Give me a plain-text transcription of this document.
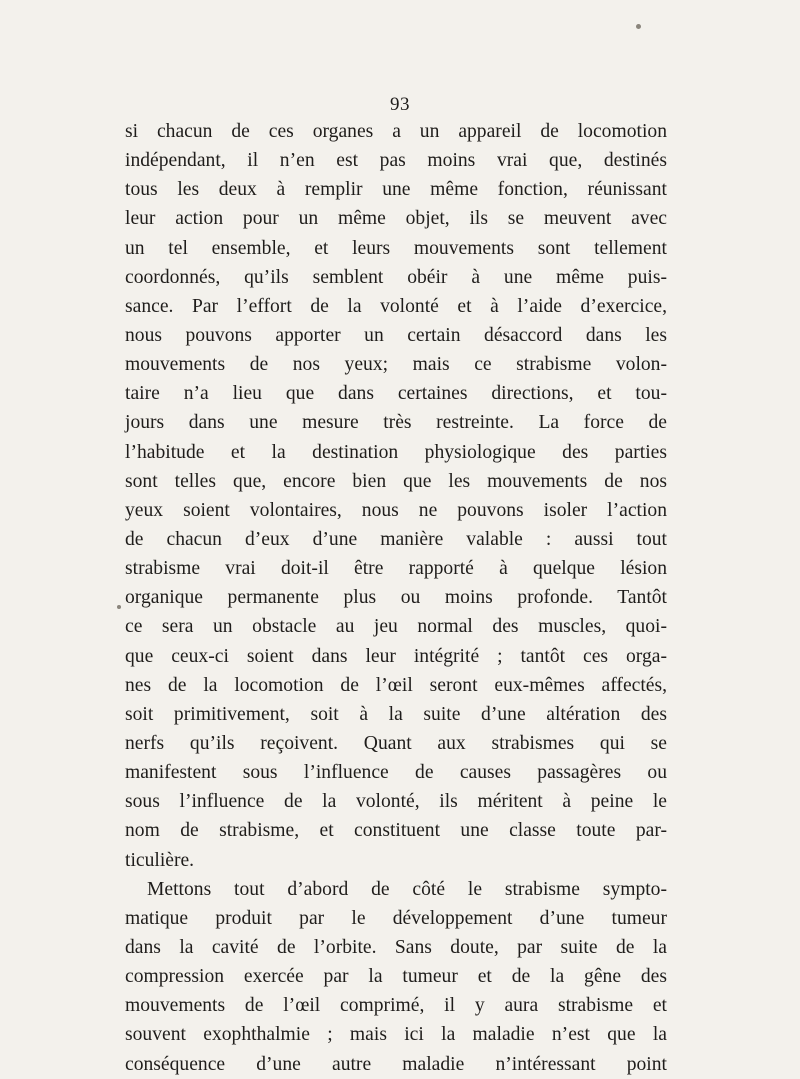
93
si chacun de ces organes a un appareil de locomotion
indépendant, il n’en est pas moins vrai que, destinés
tous les deux à remplir une même fonction, réunissant
leur action pour un même objet, ils se meuvent avec
un tel ensemble, et leurs mouvements sont tellement
coordonnés, qu’ils semblent obéir à une même puis-
sance. Par l’effort de la volonté et à l’aide d’exercice,
nous pouvons apporter un certain désaccord dans les
mouvements de nos yeux; mais ce strabisme volon-
taire n’a lieu que dans certaines directions, et tou-
jours dans une mesure très restreinte. La force de
l’habitude et la destination physiologique des parties
sont telles que, encore bien que les mouvements de nos
yeux soient volontaires, nous ne pouvons isoler l’action
de chacun d’eux d’une manière valable : aussi tout
strabisme vrai doit-il être rapporté à quelque lésion
organique permanente plus ou moins profonde. Tantôt
ce sera un obstacle au jeu normal des muscles, quoi-
que ceux-ci soient dans leur intégrité ; tantôt ces orga-
nes de la locomotion de l’œil seront eux-mêmes affectés,
soit primitivement, soit à la suite d’une altération des
nerfs qu’ils reçoivent. Quant aux strabismes qui se
manifestent sous l’influence de causes passagères ou
sous l’influence de la volonté, ils méritent à peine le
nom de strabisme, et constituent une classe toute par-
ticulière.
Mettons tout d’abord de côté le strabisme sympto-
matique produit par le développement d’une tumeur
dans la cavité de l’orbite. Sans doute, par suite de la
compression exercée par la tumeur et de la gêne des
mouvements de l’œil comprimé, il y aura strabisme et
souvent exophthalmie ; mais ici la maladie n’est que la
conséquence d’une autre maladie n’intéressant point
